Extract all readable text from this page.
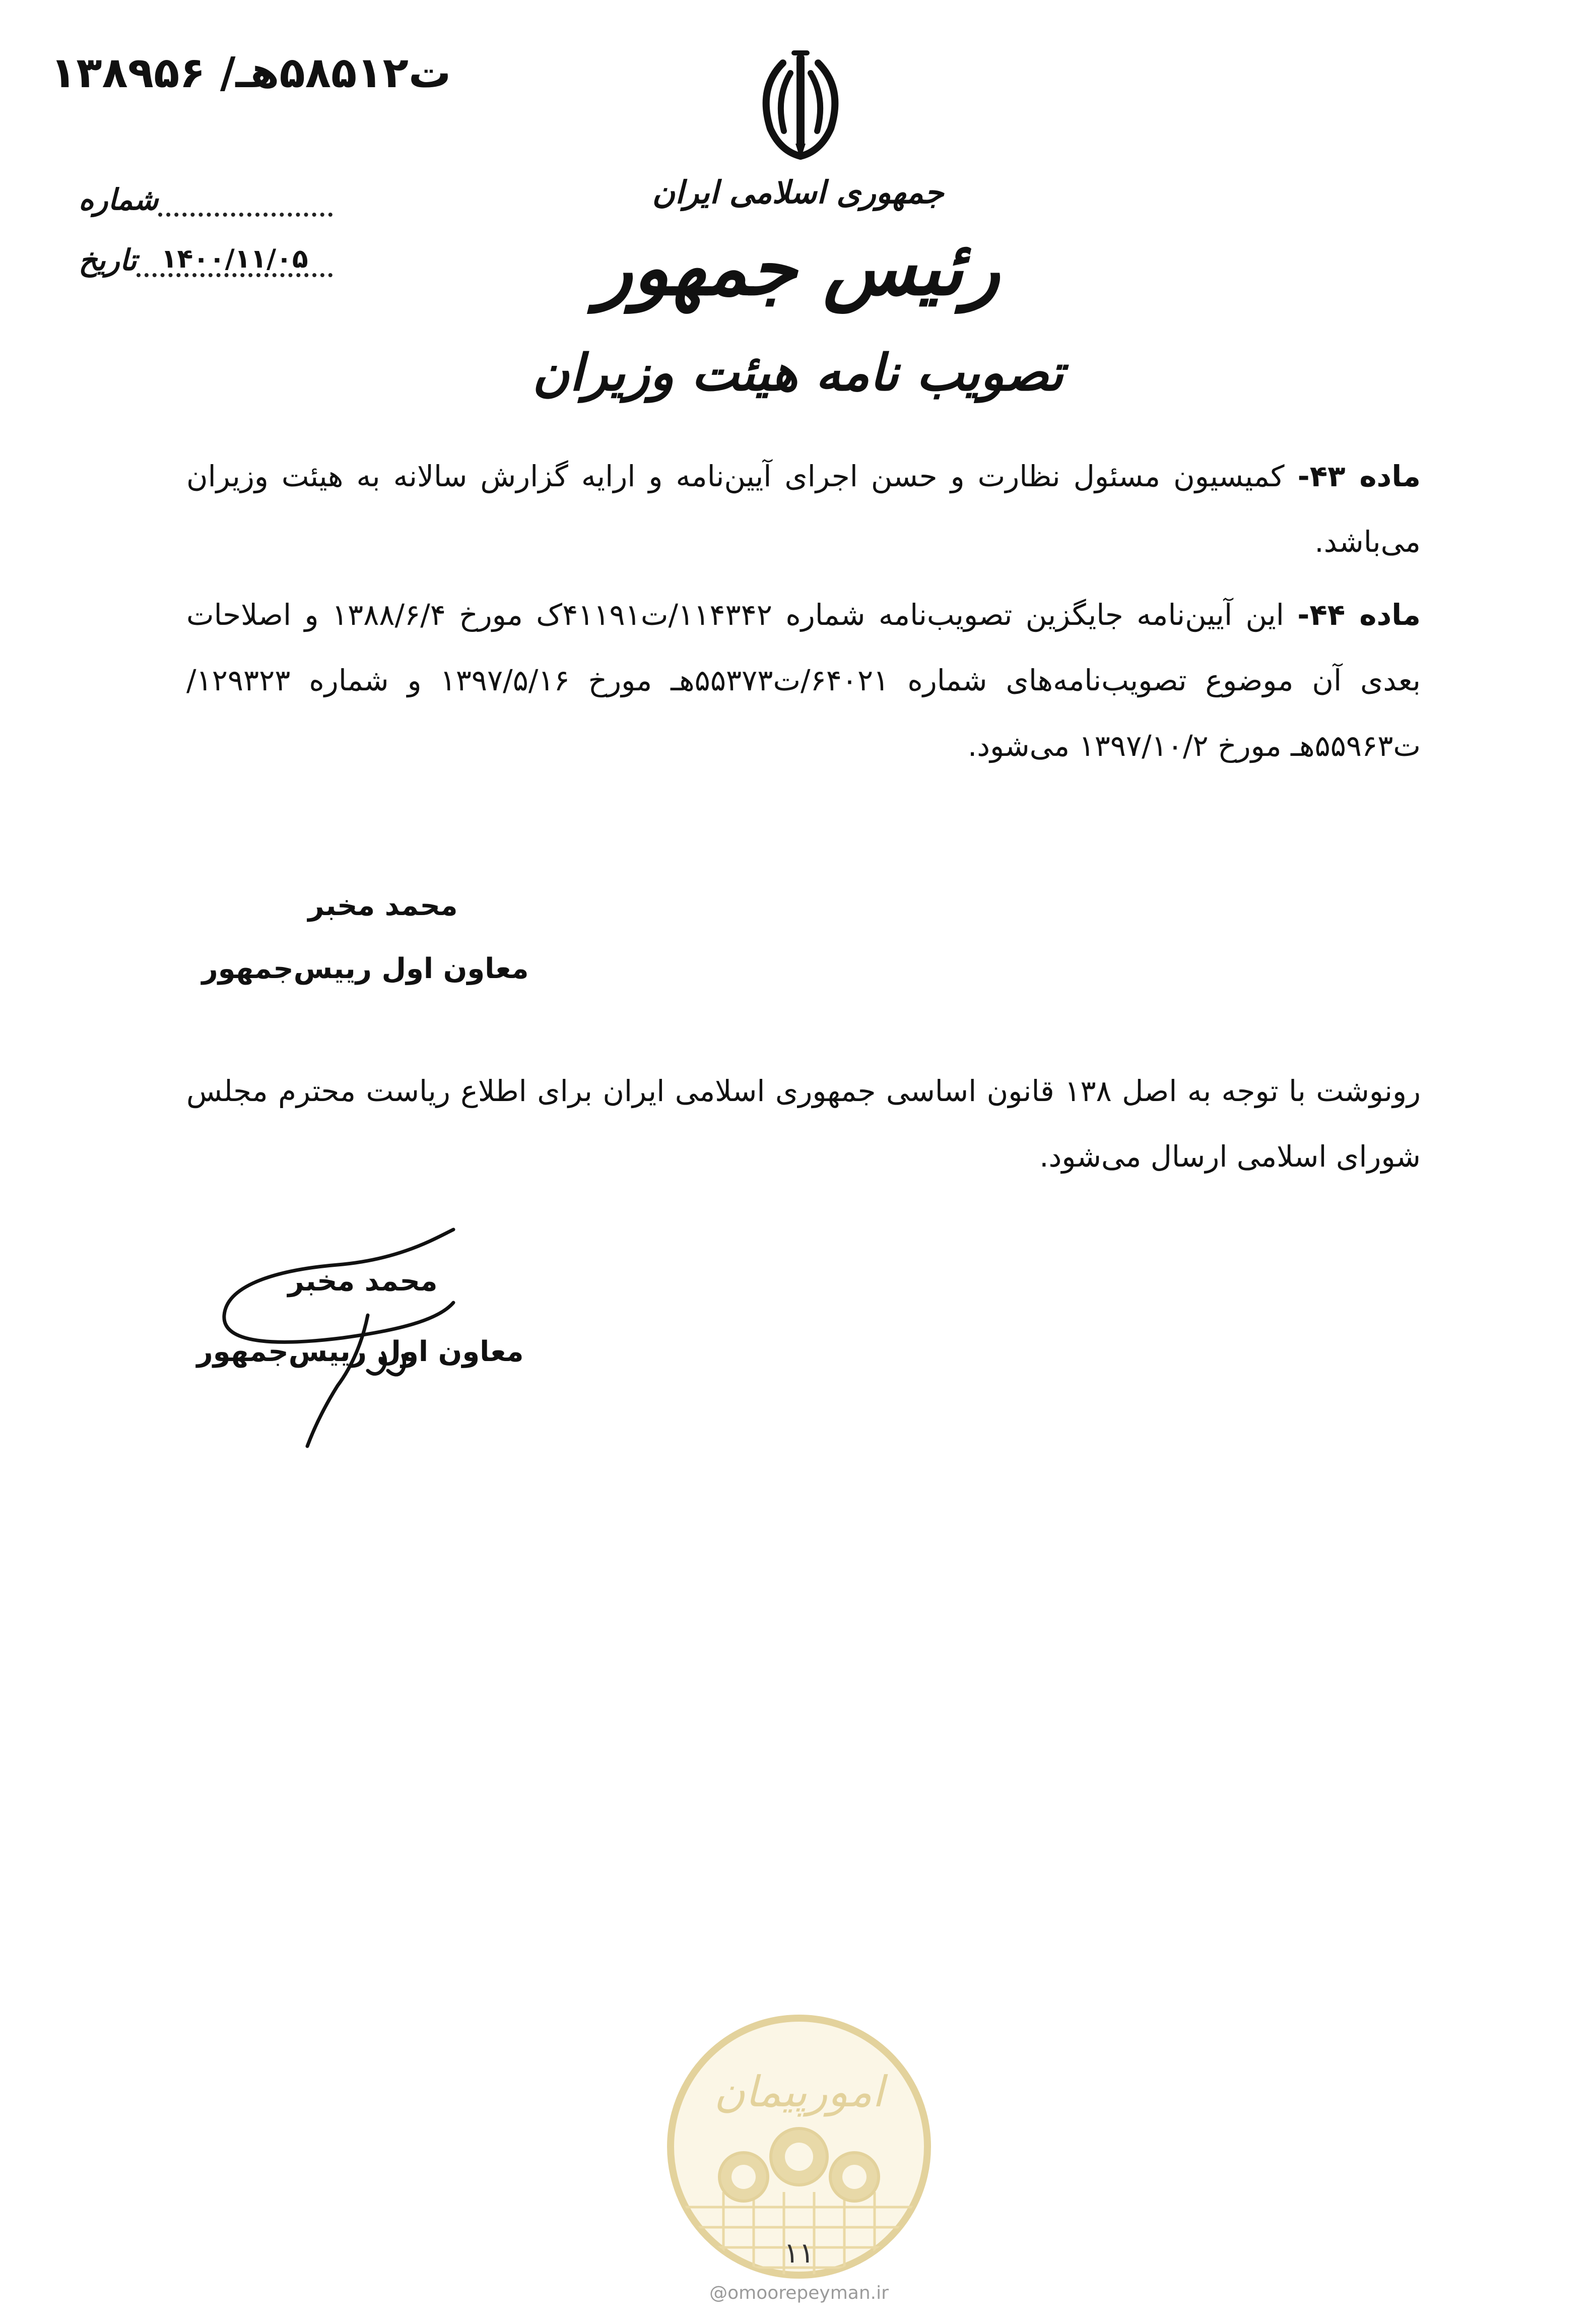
۱۳۸۹۵۶ /ت۵۸۵۱۲هـ
شماره
تاریخ ۱۴۰۰/۱۱/۰۵
جمهوری اسلامی ایران
رئیس جمهور
تصویب نامه هیئت وزیران
ماده ۴۳- کمیسیون مسئول نظارت و حسن اجرای آیین‌نامه و ارایه گزارش سالانه به هیئت وزیران می‌باشد.
ماده ۴۴- این آیین‌نامه جایگزین تصویب‌نامه شماره ۱۱۴۳۴۲/ت۴۱۱۹۱ک مورخ ۱۳۸۸/۶/۴ و اصلاحات بعدی آن موضوع تصویب‌نامه‌های شماره ۶۴۰۲۱/ت۵۵۳۷۳هـ مورخ ۱۳۹۷/۵/۱۶ و شماره ۱۲۹۳۲۳/ت۵۵۹۶۳هـ مورخ ۱۳۹۷/۱۰/۲ می‌شود.
محمد مخبر
معاون اول رییس‌جمهور
رونوشت با توجه به اصل ۱۳۸ قانون اساسی جمهوری اسلامی ایران برای اطلاع ریاست محترم مجلس شورای اسلامی ارسال می‌شود.
محمد مخبر
معاون اول رییس‌جمهور
امورپیمان
۱۱
@omoorepeyman.ir
